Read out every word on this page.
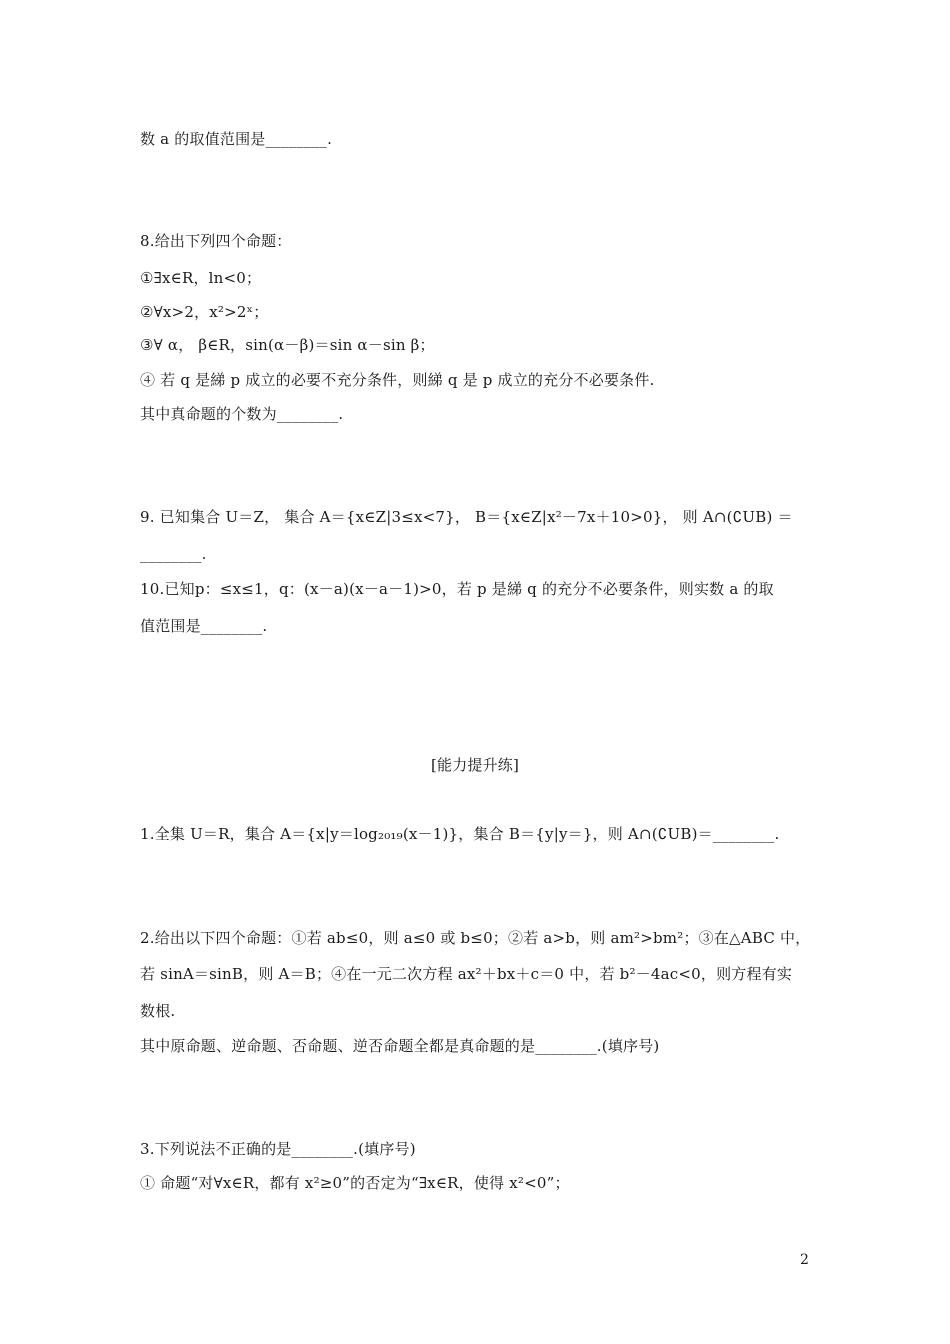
数 a 的取值范围是________.
8.给出下列四个命题：
①∃x∈R，ln<0；
②∀x>2，x²>2ˣ；
③∀ α， β∈R，sin(α－β)＝sin α－sin β；
④ 若 q 是綈 p 成立的必要不充分条件，则綈 q 是 p 成立的充分不必要条件.
其中真命题的个数为________.
9. 已知集合 U＝Z， 集合 A＝{x∈Z|3≤x<7}， B＝{x∈Z|x²－7x＋10>0}， 则 A∩(∁UB) ＝
________.
10.已知p：≤x≤1，q：(x－a)(x－a－1)>0，若 p 是綈 q 的充分不必要条件，则实数 a 的取
值范围是________.
[能力提升练]
1.全集 U＝R，集合 A＝{x|y＝log₂₀₁₉(x－1)}，集合 B＝{y|y＝}，则 A∩(∁UB)＝________.
2.给出以下四个命题：①若 ab≤0，则 a≤0 或 b≤0；②若 a>b，则 am²>bm²；③在△ABC 中，
若 sinA＝sinB，则 A＝B；④在一元二次方程 ax²＋bx＋c＝0 中，若 b²－4ac<0，则方程有实
数根.
其中原命题、逆命题、否命题、逆否命题全都是真命题的是________.(填序号)
3.下列说法不正确的是________.(填序号)
① 命题“对∀x∈R，都有 x²≥0”的否定为“∃x∈R，使得 x²<0”；
2
